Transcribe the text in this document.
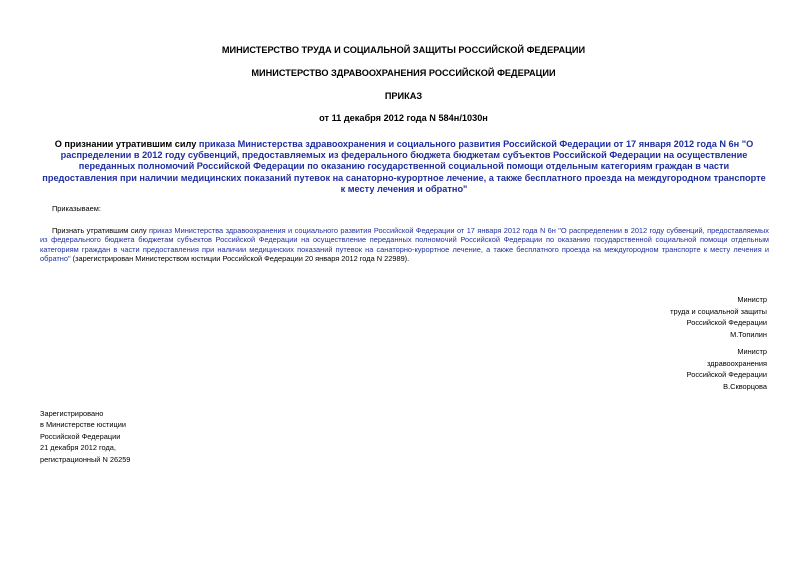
МИНИСТЕРСТВО ТРУДА И СОЦИАЛЬНОЙ ЗАЩИТЫ РОССИЙСКОЙ ФЕДЕРАЦИИ
МИНИСТЕРСТВО ЗДРАВООХРАНЕНИЯ РОССИЙСКОЙ ФЕДЕРАЦИИ
ПРИКАЗ
от 11 декабря 2012 года N 584н/1030н
О признании утратившим силу приказа Министерства здравоохранения и социального развития Российской Федерации от 17 января 2012 года N 6н "О распределении в 2012 году субвенций, предоставляемых из федерального бюджета бюджетам субъектов Российской Федерации на осуществление переданных полномочий Российской Федерации по оказанию государственной социальной помощи отдельным категориям граждан в части предоставления при наличии медицинских показаний путевок на санаторно-курортное лечение, а также бесплатного проезда на междугородном транспорте к месту лечения и обратно"
Приказываем:
Признать утратившим силу приказ Министерства здравоохранения и социального развития Российской Федерации от 17 января 2012 года N 6н "О распределении в 2012 году субвенций, предоставляемых из федерального бюджета бюджетам субъектов Российской Федерации на осуществление переданных полномочий Российской Федерации по оказанию государственной социальной помощи отдельным категориям граждан в части предоставления при наличии медицинских показаний путевок на санаторно-курортное лечение, а также бесплатного проезда на междугородном транспорте к месту лечения и обратно" (зарегистрирован Министерством юстиции Российской Федерации 20 января 2012 года N 22989).
Министр
труда и социальной защиты
Российской Федерации
М.Топилин
Министр
здравоохранения
Российской Федерации
В.Скворцова
Зарегистрировано
в Министерстве юстиции
Российской Федерации
21 декабря 2012 года,
регистрационный N 26259
